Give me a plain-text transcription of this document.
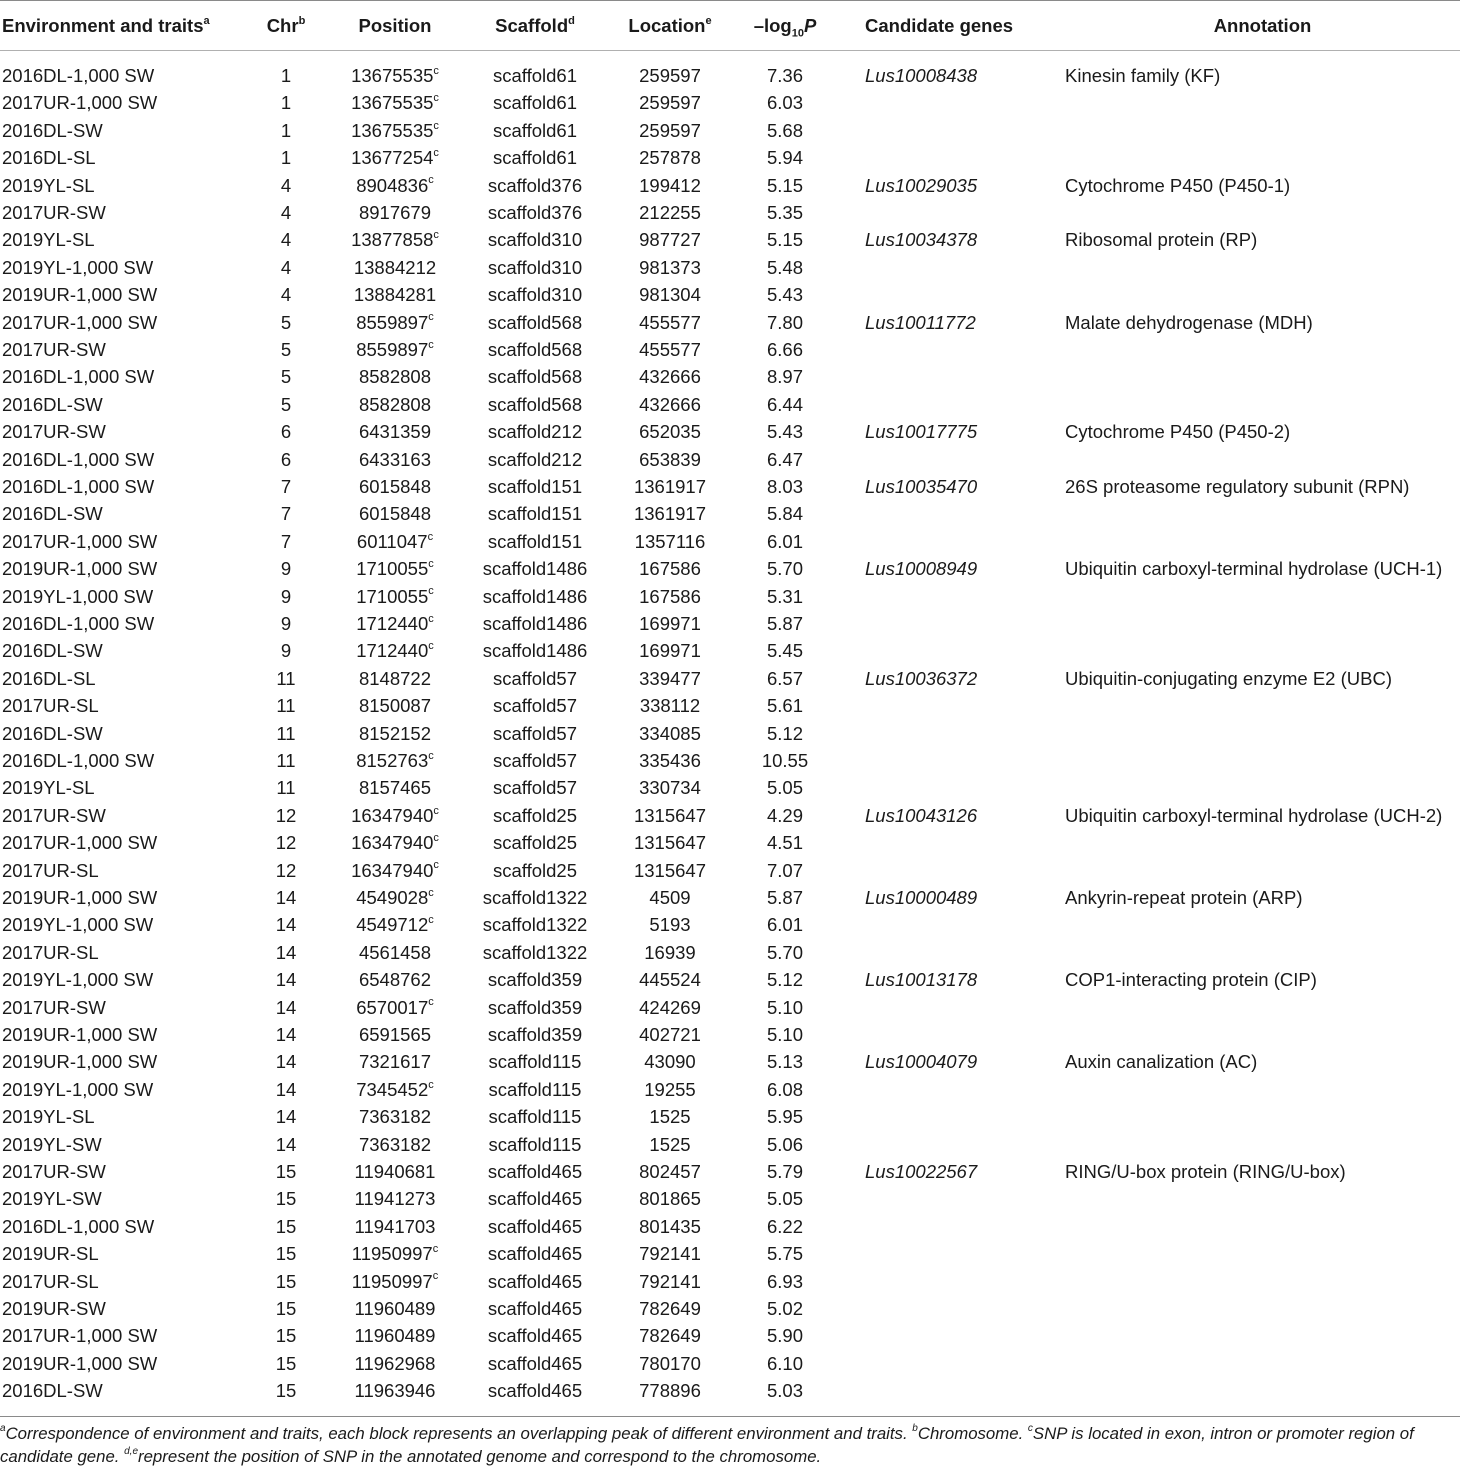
Environment and traits$^a$	Chr$^b$	Position	Scaffold$^d$	Location$^e$	$-\log_{10}P$	Candidate genes	Annotation
2016DL-1,000 SW	1	13675535$^c$	scaffold61	259597	7.36	Lus10008438	Kinesin family (KF)
2017UR-1,000 SW	1	13675535$^c$	scaffold61	259597	6.03
2016DL-SW	1	13675535$^c$	scaffold61	259597	5.68
2016DL-SL	1	13677254$^c$	scaffold61	257878	5.94
2019YL-SL	4	8904836$^c$	scaffold376	199412	5.15	Lus10029035	Cytochrome P450 (P450-1)
2017UR-SW	4	8917679	scaffold376	212255	5.35
2019YL-SL	4	13877858$^c$	scaffold310	987727	5.15	Lus10034378	Ribosomal protein (RP)
2019YL-1,000 SW	4	13884212	scaffold310	981373	5.48
2019UR-1,000 SW	4	13884281	scaffold310	981304	5.43
2017UR-1,000 SW	5	8559897$^c$	scaffold568	455577	7.80	Lus10011772	Malate dehydrogenase (MDH)
2017UR-SW	5	8559897$^c$	scaffold568	455577	6.66
2016DL-1,000 SW	5	8582808	scaffold568	432666	8.97
2016DL-SW	5	8582808	scaffold568	432666	6.44
2017UR-SW	6	6431359	scaffold212	652035	5.43	Lus10017775	Cytochrome P450 (P450-2)
2016DL-1,000 SW	6	6433163	scaffold212	653839	6.47
2016DL-1,000 SW	7	6015848	scaffold151	1361917	8.03	Lus10035470	26S proteasome regulatory subunit (RPN)
2016DL-SW	7	6015848	scaffold151	1361917	5.84
2017UR-1,000 SW	7	6011047$^c$	scaffold151	1357116	6.01
2019UR-1,000 SW	9	1710055$^c$	scaffold1486	167586	5.70	Lus10008949	Ubiquitin carboxyl-terminal hydrolase (UCH-1)
2019YL-1,000 SW	9	1710055$^c$	scaffold1486	167586	5.31
2016DL-1,000 SW	9	1712440$^c$	scaffold1486	169971	5.87
2016DL-SW	9	1712440$^c$	scaffold1486	169971	5.45
2016DL-SL	11	8148722	scaffold57	339477	6.57	Lus10036372	Ubiquitin-conjugating enzyme E2 (UBC)
2017UR-SL	11	8150087	scaffold57	338112	5.61
2016DL-SW	11	8152152	scaffold57	334085	5.12
2016DL-1,000 SW	11	8152763$^c$	scaffold57	335436	10.55
2019YL-SL	11	8157465	scaffold57	330734	5.05
2017UR-SW	12	16347940$^c$	scaffold25	1315647	4.29	Lus10043126	Ubiquitin carboxyl-terminal hydrolase (UCH-2)
2017UR-1,000 SW	12	16347940$^c$	scaffold25	1315647	4.51
2017UR-SL	12	16347940$^c$	scaffold25	1315647	7.07
2019UR-1,000 SW	14	4549028$^c$	scaffold1322	4509	5.87	Lus10000489	Ankyrin-repeat protein (ARP)
2019YL-1,000 SW	14	4549712$^c$	scaffold1322	5193	6.01
2017UR-SL	14	4561458	scaffold1322	16939	5.70
2019YL-1,000 SW	14	6548762	scaffold359	445524	5.12	Lus10013178	COP1-interacting protein (CIP)
2017UR-SW	14	6570017$^c$	scaffold359	424269	5.10
2019UR-1,000 SW	14	6591565	scaffold359	402721	5.10
2019UR-1,000 SW	14	7321617	scaffold115	43090	5.13	Lus10004079	Auxin canalization (AC)
2019YL-1,000 SW	14	7345452$^c$	scaffold115	19255	6.08
2019YL-SL	14	7363182	scaffold115	1525	5.95
2019YL-SW	14	7363182	scaffold115	1525	5.06
2017UR-SW	15	11940681	scaffold465	802457	5.79	Lus10022567	RING/U-box protein (RING/U-box)
2019YL-SW	15	11941273	scaffold465	801865	5.05
2016DL-1,000 SW	15	11941703	scaffold465	801435	6.22
2019UR-SL	15	11950997$^c$	scaffold465	792141	5.75
2017UR-SL	15	11950997$^c$	scaffold465	792141	6.93
2019UR-SW	15	11960489	scaffold465	782649	5.02
2017UR-1,000 SW	15	11960489	scaffold465	782649	5.90
2019UR-1,000 SW	15	11962968	scaffold465	780170	6.10
2016DL-SW	15	11963946	scaffold465	778896	5.03
$^a$Correspondence of environment and traits, each block represents an overlapping peak of different environment and traits. $^b$Chromosome. $^c$SNP is located in exon, intron or promoter region of candidate gene. $^{d,e}$represent the position of SNP in the annotated genome and correspond to the chromosome.
